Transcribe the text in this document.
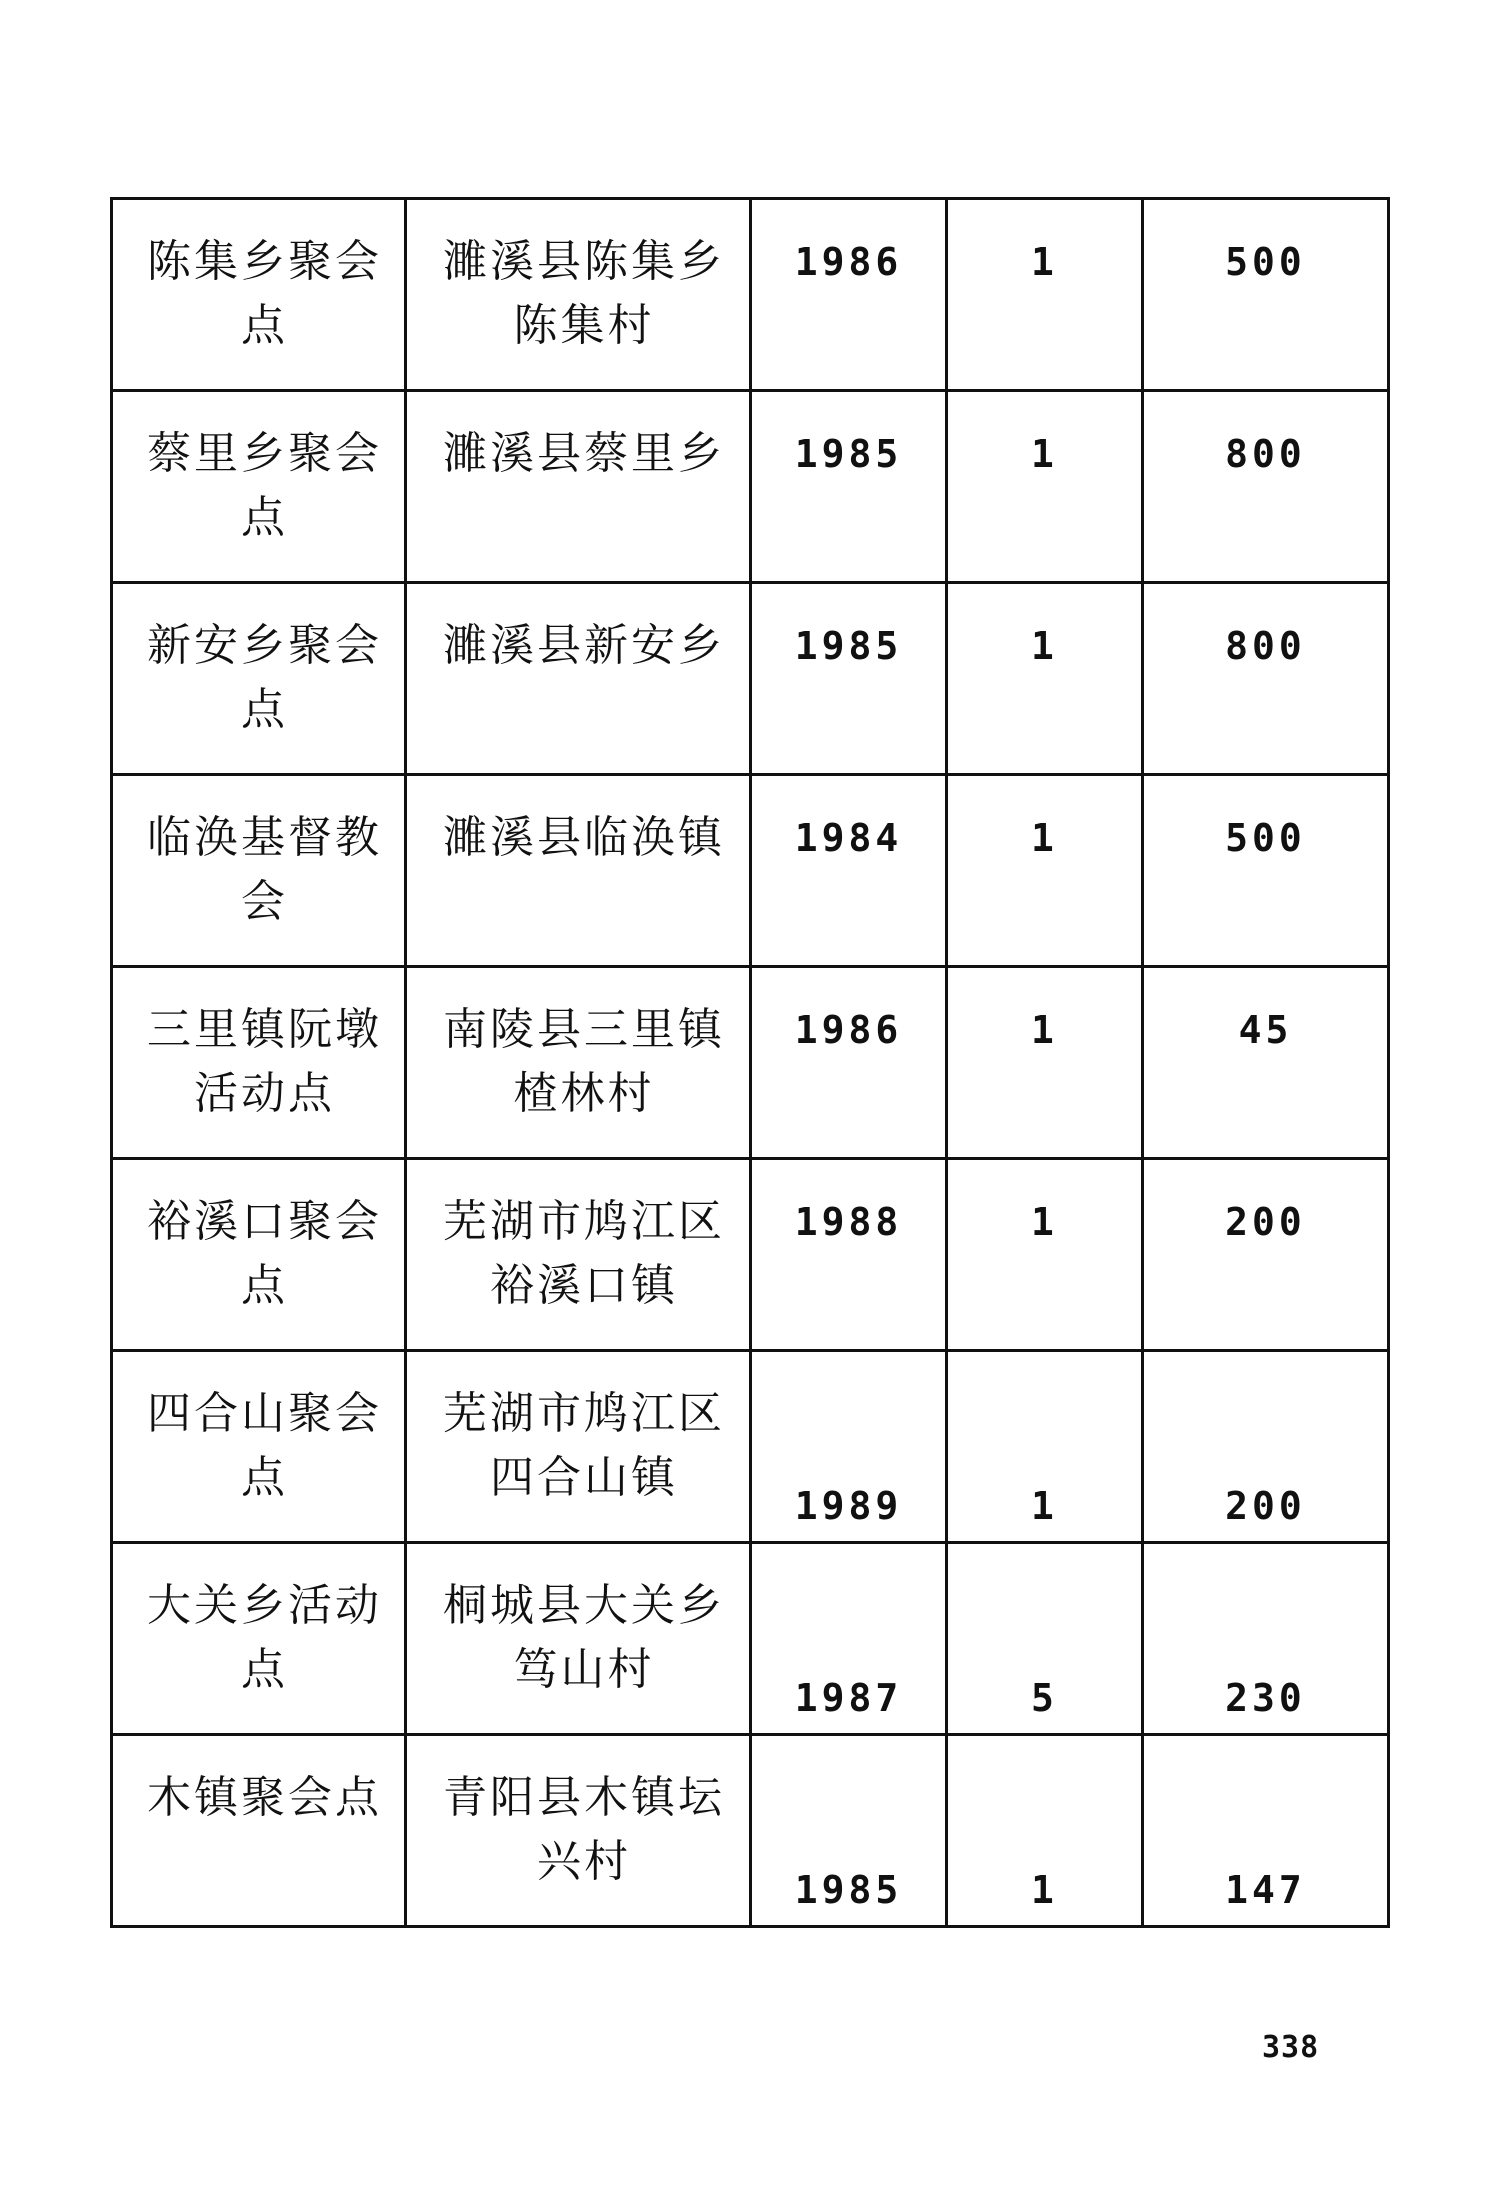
陈集乡聚会点	濉溪县陈集乡陈集村	1986	1	500

蔡里乡聚会点	濉溪县蔡里乡	1985	1	800

新安乡聚会点	濉溪县新安乡	1985	1	800

临涣基督教会	濉溪县临涣镇	1984	1	500

三里镇阮墩活动点	南陵县三里镇楂林村	1986	1	45

裕溪口聚会点	芜湖市鸠江区裕溪口镇	1988	1	200

四合山聚会点	芜湖市鸠江区四合山镇	1989	1	200

大关乡活动点	桐城县大关乡笃山村	1987	5	230

木镇聚会点	青阳县木镇坛兴村	1985	1	147
338
